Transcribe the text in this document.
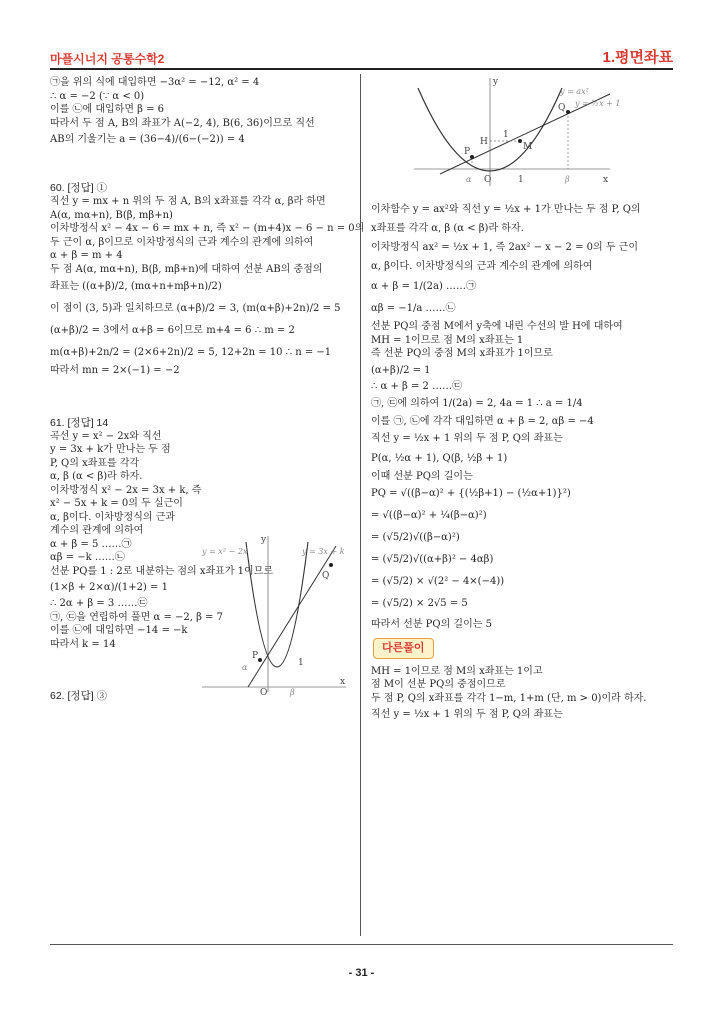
마플시너지 공통수학2	1.평면좌표

㉠을 위의 식에 대입하면 −3α² = −12, α² = 4

∴ α = −2 (∵ α < 0)

이를 ㉡에 대입하면 β = 6

따라서 두 점 A, B의 좌표가 A(−2, 4), B(6, 36)이므로 직선

AB의 기울기는 a = (36−4)/(6−(−2)) = 4

60. [정답] ①

직선 y = mx + n 위의 두 점 A, B의 x좌표를 각각 α, β라 하면

A(α, mα+n), B(β, mβ+n)

이차방정식 x² − 4x − 6 = mx + n, 즉 x² − (m+4)x − 6 − n = 0의

두 근이 α, β이므로 이차방정식의 근과 계수의 관계에 의하여

α + β = m + 4

두 점 A(α, mα+n), B(β, mβ+n)에 대하여 선분 AB의 중점의

좌표는 ((α+β)/2, (mα+n+mβ+n)/2)

이 점이 (3, 5)과 일치하므로 (α+β)/2 = 3, (m(α+β)+2n)/2 = 5

(α+β)/2 = 3에서 α+β = 6이므로 m+4 = 6 ∴ m = 2

m(α+β)+2n/2 = (2×6+2n)/2 = 5, 12+2n = 10 ∴ n = −1

따라서 mn = 2×(−1) = −2

61. [정답] 14

곡선 y = x² − 2x와 직선

y = 3x + k가 만나는 두 점

P, Q의 x좌표를 각각

α, β (α < β)라 하자.

이차방정식 x² − 2x = 3x + k, 즉

x² − 5x + k = 0의 두 실근이

α, β이다. 이차방정식의 근과

계수의 관계에 의하여

α + β = 5 ……㉠

αβ = −k ……㉡

선분 PQ를 1 : 2로 내분하는 점의 x좌표가 1이므로

(1×β + 2×α)/(1+2) = 1

∴ 2α + β = 3 ……㉢

㉠, ㉢을 연립하여 풀면 α = −2, β = 7

이를 ㉡에 대입하면 −14 = −k

따라서 k = 14

62. [정답] ③

y = x² − 2x	y = 3x + k
y
x
O
P
Q
α
β
1
y = ax²
y = ½x + 1
y
x
O
P
Q
M
H
1
1
α	β

이차함수 y = ax²와 직선 y = ½x + 1가 만나는 두 점 P, Q의

x좌표를 각각 α, β (α < β)라 하자.

이차방정식 ax² = ½x + 1, 즉 2ax² − x − 2 = 0의 두 근이

α, β이다. 이차방정식의 근과 계수의 관계에 의하여

α + β = 1/(2a) ……㉠

αβ = −1/a ……㉡

선분 PQ의 중점 M에서 y축에 내린 수선의 발 H에 대하여

MH = 1이므로 점 M의 x좌표는 1

즉 선분 PQ의 중점 M의 x좌표가 1이므로

(α+β)/2 = 1

∴ α + β = 2 ……㉢

㉠, ㉢에 의하여 1/(2a) = 2, 4a = 1 ∴ a = 1/4

이를 ㉠, ㉡에 각각 대입하면 α + β = 2, αβ = −4

직선 y = ½x + 1 위의 두 점 P, Q의 좌표는

P(α, ½α + 1), Q(β, ½β + 1)

이때 선분 PQ의 길이는

PQ = √((β−α)² + {(½β+1) − (½α+1)}²)

= √((β−α)² + ¼(β−α)²)

= (√5/2)√((β−α)²)

= (√5/2)√((α+β)² − 4αβ)

= (√5/2) × √(2² − 4×(−4))

= (√5/2) × 2√5 = 5

따라서 선분 PQ의 길이는 5

다른풀이

MH = 1이므로 점 M의 x좌표는 1이고

점 M이 선분 PQ의 중점이므로

두 점 P, Q의 x좌표를 각각 1−m, 1+m (단, m > 0)이라 하자.

직선 y = ½x + 1 위의 두 점 P, Q의 좌표는

- 31 -
